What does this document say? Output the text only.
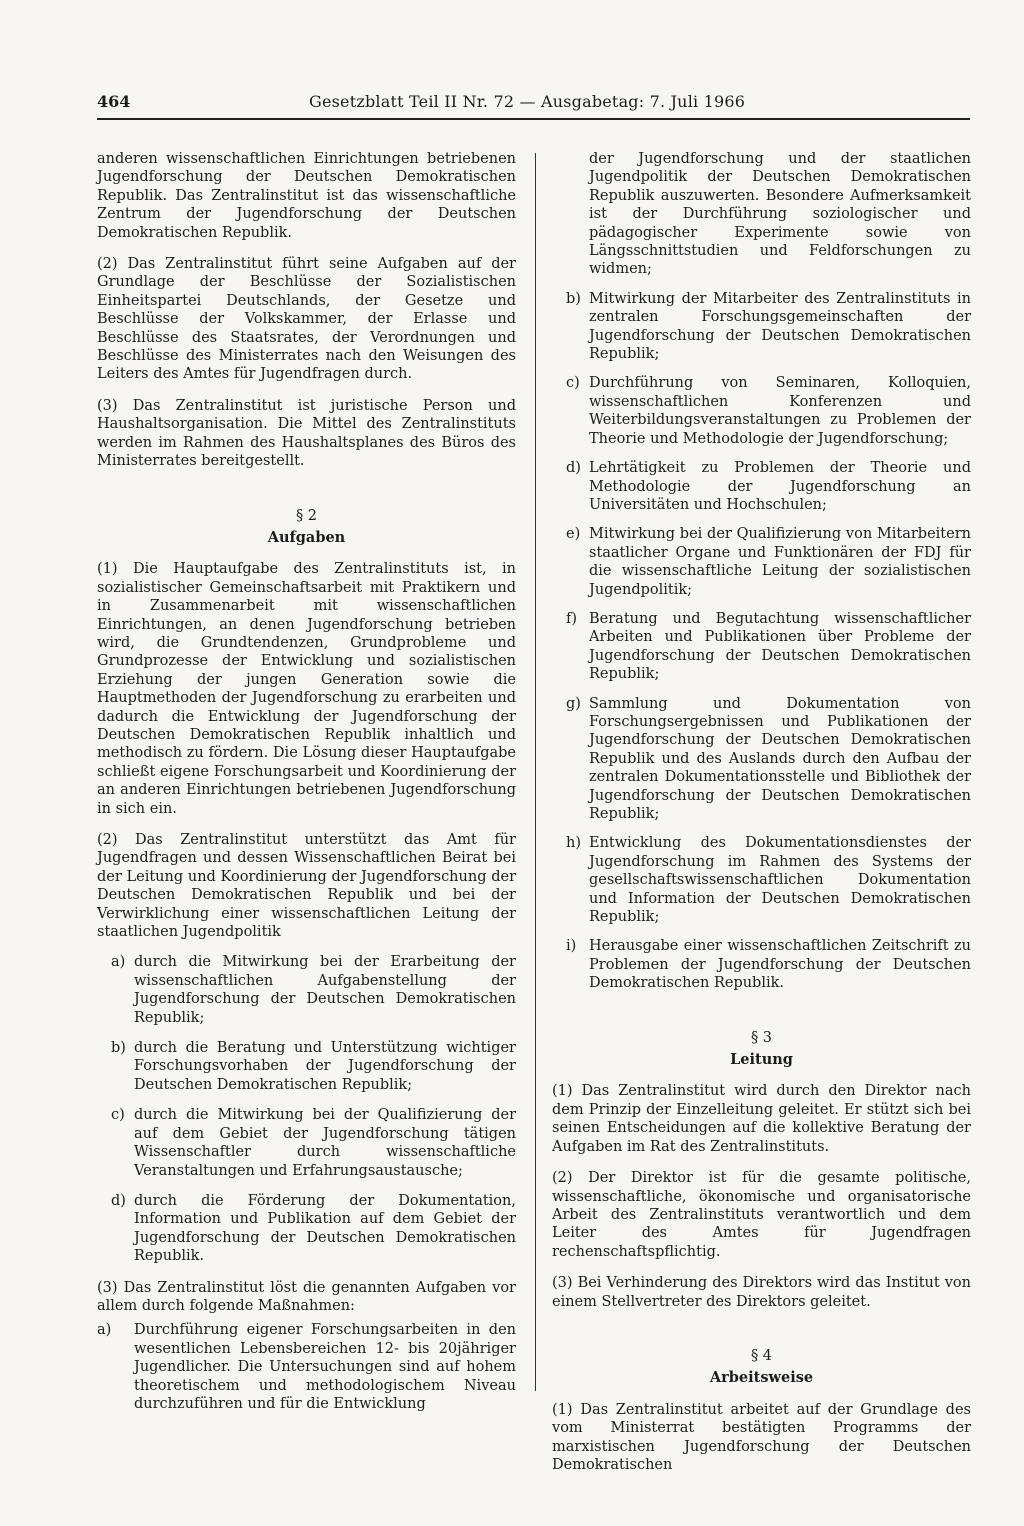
464	Gesetzblatt Teil II Nr. 72 — Ausgabetag: 7. Juli 1966

anderen wissenschaftlichen Einrichtungen betriebenen Jugendforschung der Deutschen Demokratischen Republik. Das Zentralinstitut ist das wissenschaftliche Zentrum der Jugendforschung der Deutschen Demokratischen Republik.

(2) Das Zentralinstitut führt seine Aufgaben auf der Grundlage der Beschlüsse der Sozialistischen Einheitspartei Deutschlands, der Gesetze und Beschlüsse der Volkskammer, der Erlasse und Beschlüsse des Staatsrates, der Verordnungen und Beschlüsse des Ministerrates nach den Weisungen des Leiters des Amtes für Jugendfragen durch.

(3) Das Zentralinstitut ist juristische Person und Haushaltsorganisation. Die Mittel des Zentralinstituts werden im Rahmen des Haushaltsplanes des Büros des Ministerrates bereitgestellt.

§ 2
Aufgaben

(1) Die Hauptaufgabe des Zentralinstituts ist, in sozialistischer Gemeinschaftsarbeit mit Praktikern und in Zusammenarbeit mit wissenschaftlichen Einrichtungen, an denen Jugendforschung betrieben wird, die Grundtendenzen, Grundprobleme und Grundprozesse der Entwicklung und sozialistischen Erziehung der jungen Generation sowie die Hauptmethoden der Jugendforschung zu erarbeiten und dadurch die Entwicklung der Jugendforschung der Deutschen Demokratischen Republik inhaltlich und methodisch zu fördern. Die Lösung dieser Hauptaufgabe schließt eigene Forschungsarbeit und Koordinierung der an anderen Einrichtungen betriebenen Jugendforschung in sich ein.

(2) Das Zentralinstitut unterstützt das Amt für Jugendfragen und dessen Wissenschaftlichen Beirat bei der Leitung und Koordinierung der Jugendforschung der Deutschen Demokratischen Republik und bei der Verwirklichung einer wissenschaftlichen Leitung der staatlichen Jugendpolitik

a) durch die Mitwirkung bei der Erarbeitung der wissenschaftlichen Aufgabenstellung der Jugendforschung der Deutschen Demokratischen Republik;
b) durch die Beratung und Unterstützung wichtiger Forschungsvorhaben der Jugendforschung der Deutschen Demokratischen Republik;
c) durch die Mitwirkung bei der Qualifizierung der auf dem Gebiet der Jugendforschung tätigen Wissenschaftler durch wissenschaftliche Veranstaltungen und Erfahrungsaustausche;
d) durch die Förderung der Dokumentation, Information und Publikation auf dem Gebiet der Jugendforschung der Deutschen Demokratischen Republik.

(3) Das Zentralinstitut löst die genannten Aufgaben vor allem durch folgende Maßnahmen:

a) Durchführung eigener Forschungsarbeiten in den wesentlichen Lebensbereichen 12- bis 20jähriger Jugendlicher. Die Untersuchungen sind auf hohem theoretischem und methodologischem Niveau durchzuführen und für die Entwicklung

der Jugendforschung und der staatlichen Jugendpolitik der Deutschen Demokratischen Republik auszuwerten. Besondere Aufmerksamkeit ist der Durchführung soziologischer und pädagogischer Experimente sowie von Längsschnittstudien und Feldforschungen zu widmen;

b) Mitwirkung der Mitarbeiter des Zentralinstituts in zentralen Forschungsgemeinschaften der Jugendforschung der Deutschen Demokratischen Republik;
c) Durchführung von Seminaren, Kolloquien, wissenschaftlichen Konferenzen und Weiterbildungsveranstaltungen zu Problemen der Theorie und Methodologie der Jugendforschung;
d) Lehrtätigkeit zu Problemen der Theorie und Methodologie der Jugendforschung an Universitäten und Hochschulen;
e) Mitwirkung bei der Qualifizierung von Mitarbeitern staatlicher Organe und Funktionären der FDJ für die wissenschaftliche Leitung der sozialistischen Jugendpolitik;
f) Beratung und Begutachtung wissenschaftlicher Arbeiten und Publikationen über Probleme der Jugendforschung der Deutschen Demokratischen Republik;
g) Sammlung und Dokumentation von Forschungsergebnissen und Publikationen der Jugendforschung der Deutschen Demokratischen Republik und des Auslands durch den Aufbau der zentralen Dokumentationsstelle und Bibliothek der Jugendforschung der Deutschen Demokratischen Republik;
h) Entwicklung des Dokumentationsdienstes der Jugendforschung im Rahmen des Systems der gesellschaftswissenschaftlichen Dokumentation und Information der Deutschen Demokratischen Republik;
i) Herausgabe einer wissenschaftlichen Zeitschrift zu Problemen der Jugendforschung der Deutschen Demokratischen Republik.
§ 3
Leitung

(1) Das Zentralinstitut wird durch den Direktor nach dem Prinzip der Einzelleitung geleitet. Er stützt sich bei seinen Entscheidungen auf die kollektive Beratung der Aufgaben im Rat des Zentralinstituts.

(2) Der Direktor ist für die gesamte politische, wissenschaftliche, ökonomische und organisatorische Arbeit des Zentralinstituts verantwortlich und dem Leiter des Amtes für Jugendfragen rechenschaftspflichtig.

(3) Bei Verhinderung des Direktors wird das Institut von einem Stellvertreter des Direktors geleitet.

§ 4
Arbeitsweise

(1) Das Zentralinstitut arbeitet auf der Grundlage des vom Ministerrat bestätigten Programms der marxistischen Jugendforschung der Deutschen Demokratischen
